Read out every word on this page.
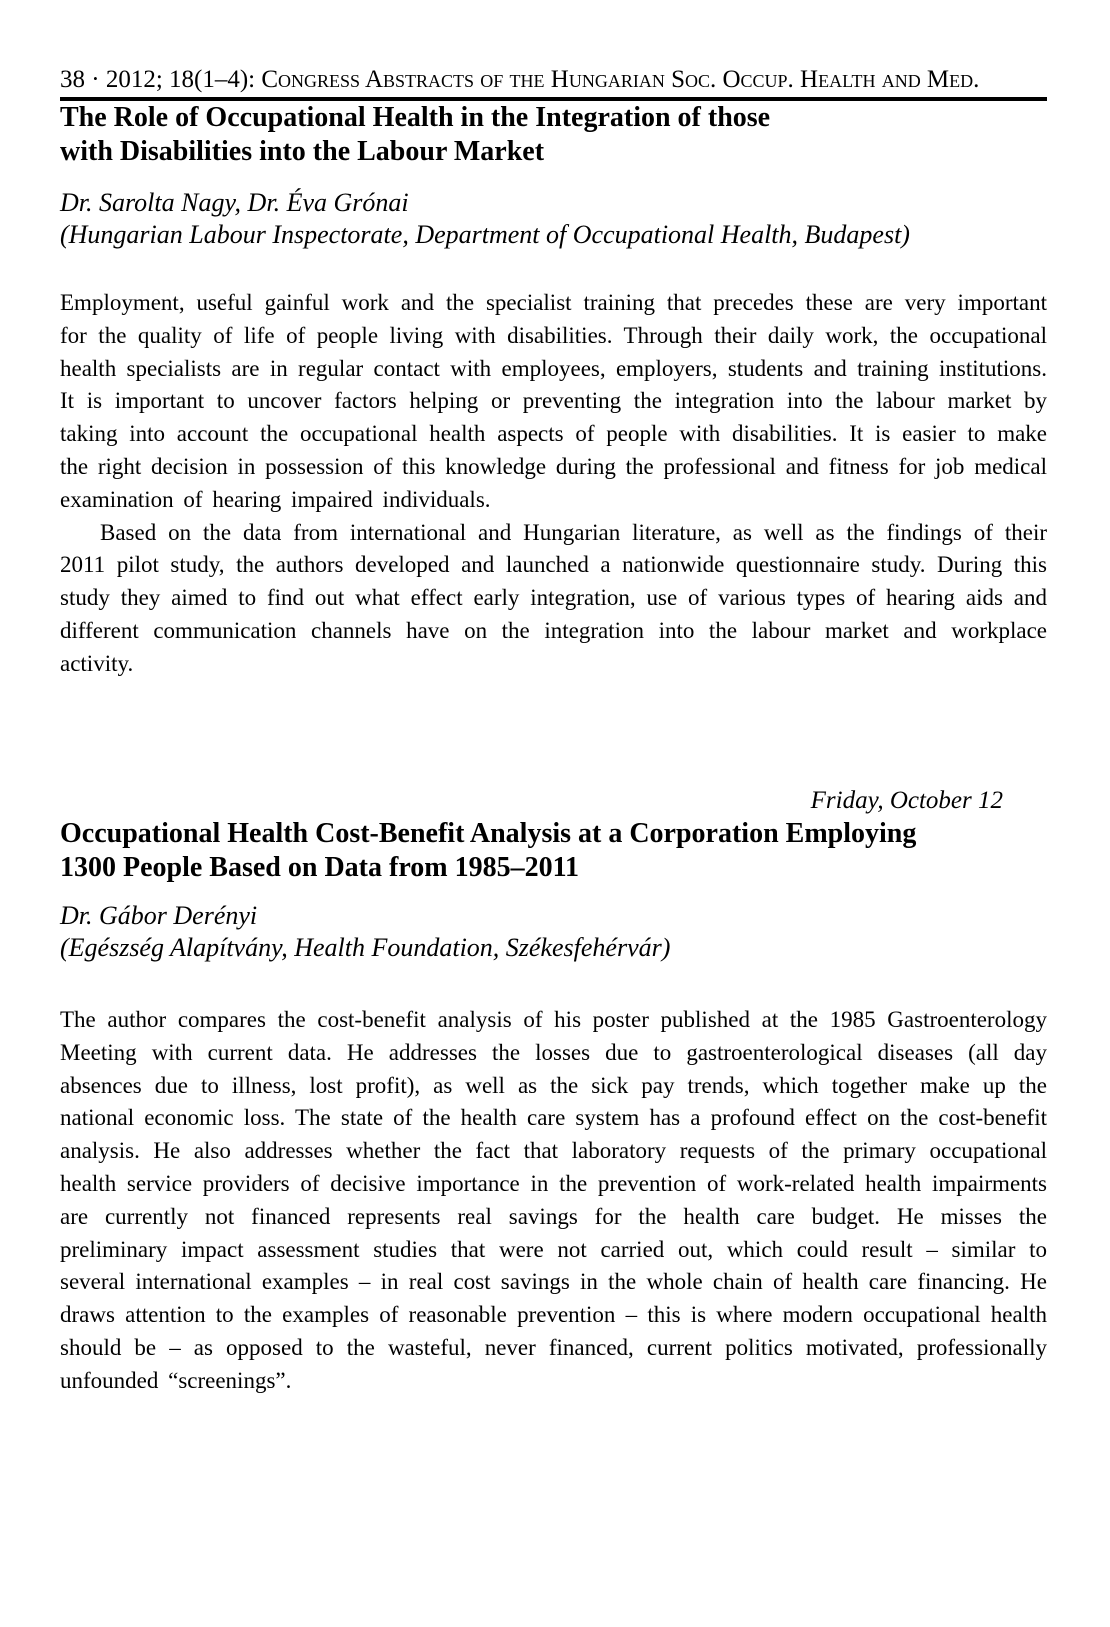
38 · 2012; 18(1–4): Congress Abstracts of the Hungarian Soc. Occup. Health and Med.
The Role of Occupational Health in the Integration of those
with Disabilities into the Labour Market

Dr. Sarolta Nagy, Dr. Éva Grónai
(Hungarian Labour Inspectorate, Department of Occupational Health, Budapest)

Employment, useful gainful work and the specialist training that precedes these are very important for the quality of life of people living with disabilities. Through their daily work, the occupational health specialists are in regular contact with employees, employers, students and training institutions. It is important to uncover factors helping or preventing the integration into the labour market by taking into account the occupational health aspects of people with disabilities. It is easier to make the right decision in possession of this knowledge during the professional and fitness for job medical examination of hearing impaired individuals.

Based on the data from international and Hungarian literature, as well as the findings of their 2011 pilot study, the authors developed and launched a nationwide questionnaire study. During this study they aimed to find out what effect early integration, use of various types of hearing aids and different communication channels have on the integration into the labour market and workplace activity.

Friday, October 12

Occupational Health Cost-Benefit Analysis at a Corporation Employing
1300 People Based on Data from 1985–2011

Dr. Gábor Derényi
(Egészség Alapítvány, Health Foundation, Székesfehérvár)

The author compares the cost-benefit analysis of his poster published at the 1985 Gastroenterology Meeting with current data. He addresses the losses due to gastroenterological diseases (all day absences due to illness, lost profit), as well as the sick pay trends, which together make up the national economic loss. The state of the health care system has a profound effect on the cost-benefit analysis. He also addresses whether the fact that laboratory requests of the primary occupational health service providers of decisive importance in the prevention of work-related health impairments are currently not financed represents real savings for the health care budget. He misses the preliminary impact assessment studies that were not carried out, which could result – similar to several international examples – in real cost savings in the whole chain of health care financing. He draws attention to the examples of reasonable prevention – this is where modern occupational health should be – as opposed to the wasteful, never financed, current politics motivated, professionally unfounded “screenings”.
